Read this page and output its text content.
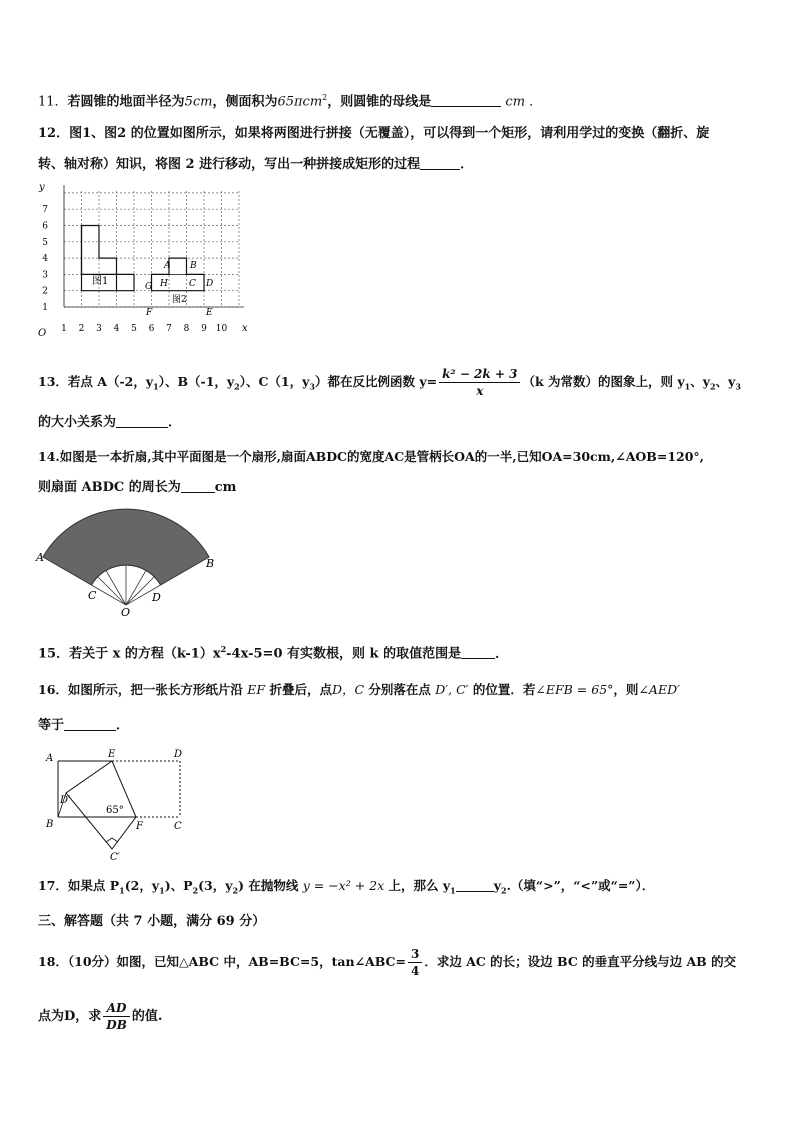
11．若圆锥的地面半径为5cm，侧面积为65πcm$^2$，则圆锥的母线是	cm ．
12．图1、图2 的位置如图所示，如果将两图进行拼接（无覆盖），可以得到一个矩形，请利用学过的变换（翻折、旋
转、轴对称）知识，将图 2 进行移动，写出一种拼接成矩形的过程	．
y
x
O 1 2 3 4 5 6 7 8 9 10
1
2
3
4
5
6
7
图1
图2
A B
C D
E
F
G H
13．若点 A（-2，$y_1$）、B（-1，$y_2$）、C（1，$y_3$）都在反比例函数 $y= \frac{\text{k² − 2k + 3}}{x} (k$ 为常数）的图象上，则 $y_1$、$y_2$、$y_3$
的大小关系为	．
14.如图是一本折扇,其中平面图是一个扇形,扇面ABDC的宽度AC是管柄长OA的一半,已知OA=30cm,∠AOB=120°,
则扇面 ABDC 的周长为	cm
A	B
C	D
O
15．若关于 x 的方程$(k-1)x^2-4x-5=0$ 有实数根，则 k 的取值范围是	．
16．如图所示，把一张长方形纸片沿 EF 折叠后，点D，C 分别落在点 D′, C′ 的位置．若∠EFB = 65°，则∠AED′
等于	．
A	E	D
D′
B	F	C
C′
65°
17．如果点 $P_1(2$，$y_1$)、$P_2(3$，$y_2$) 在抛物线 y = −x² + 2x 上，那么 $y_1$	$y_2$.（填“>”，“<”或“=”）．
三、解答题（共 7 小题，满分 69 分）
18．（10分）如图，已知△ABC 中，AB=BC=5，tan∠ABC= $\frac{3}{4}$ ．求边 AC 的长；设边 BC 的垂直平分线与边 AB 的交
点为D，求 $\frac{AD}{DB}$ 的值.
